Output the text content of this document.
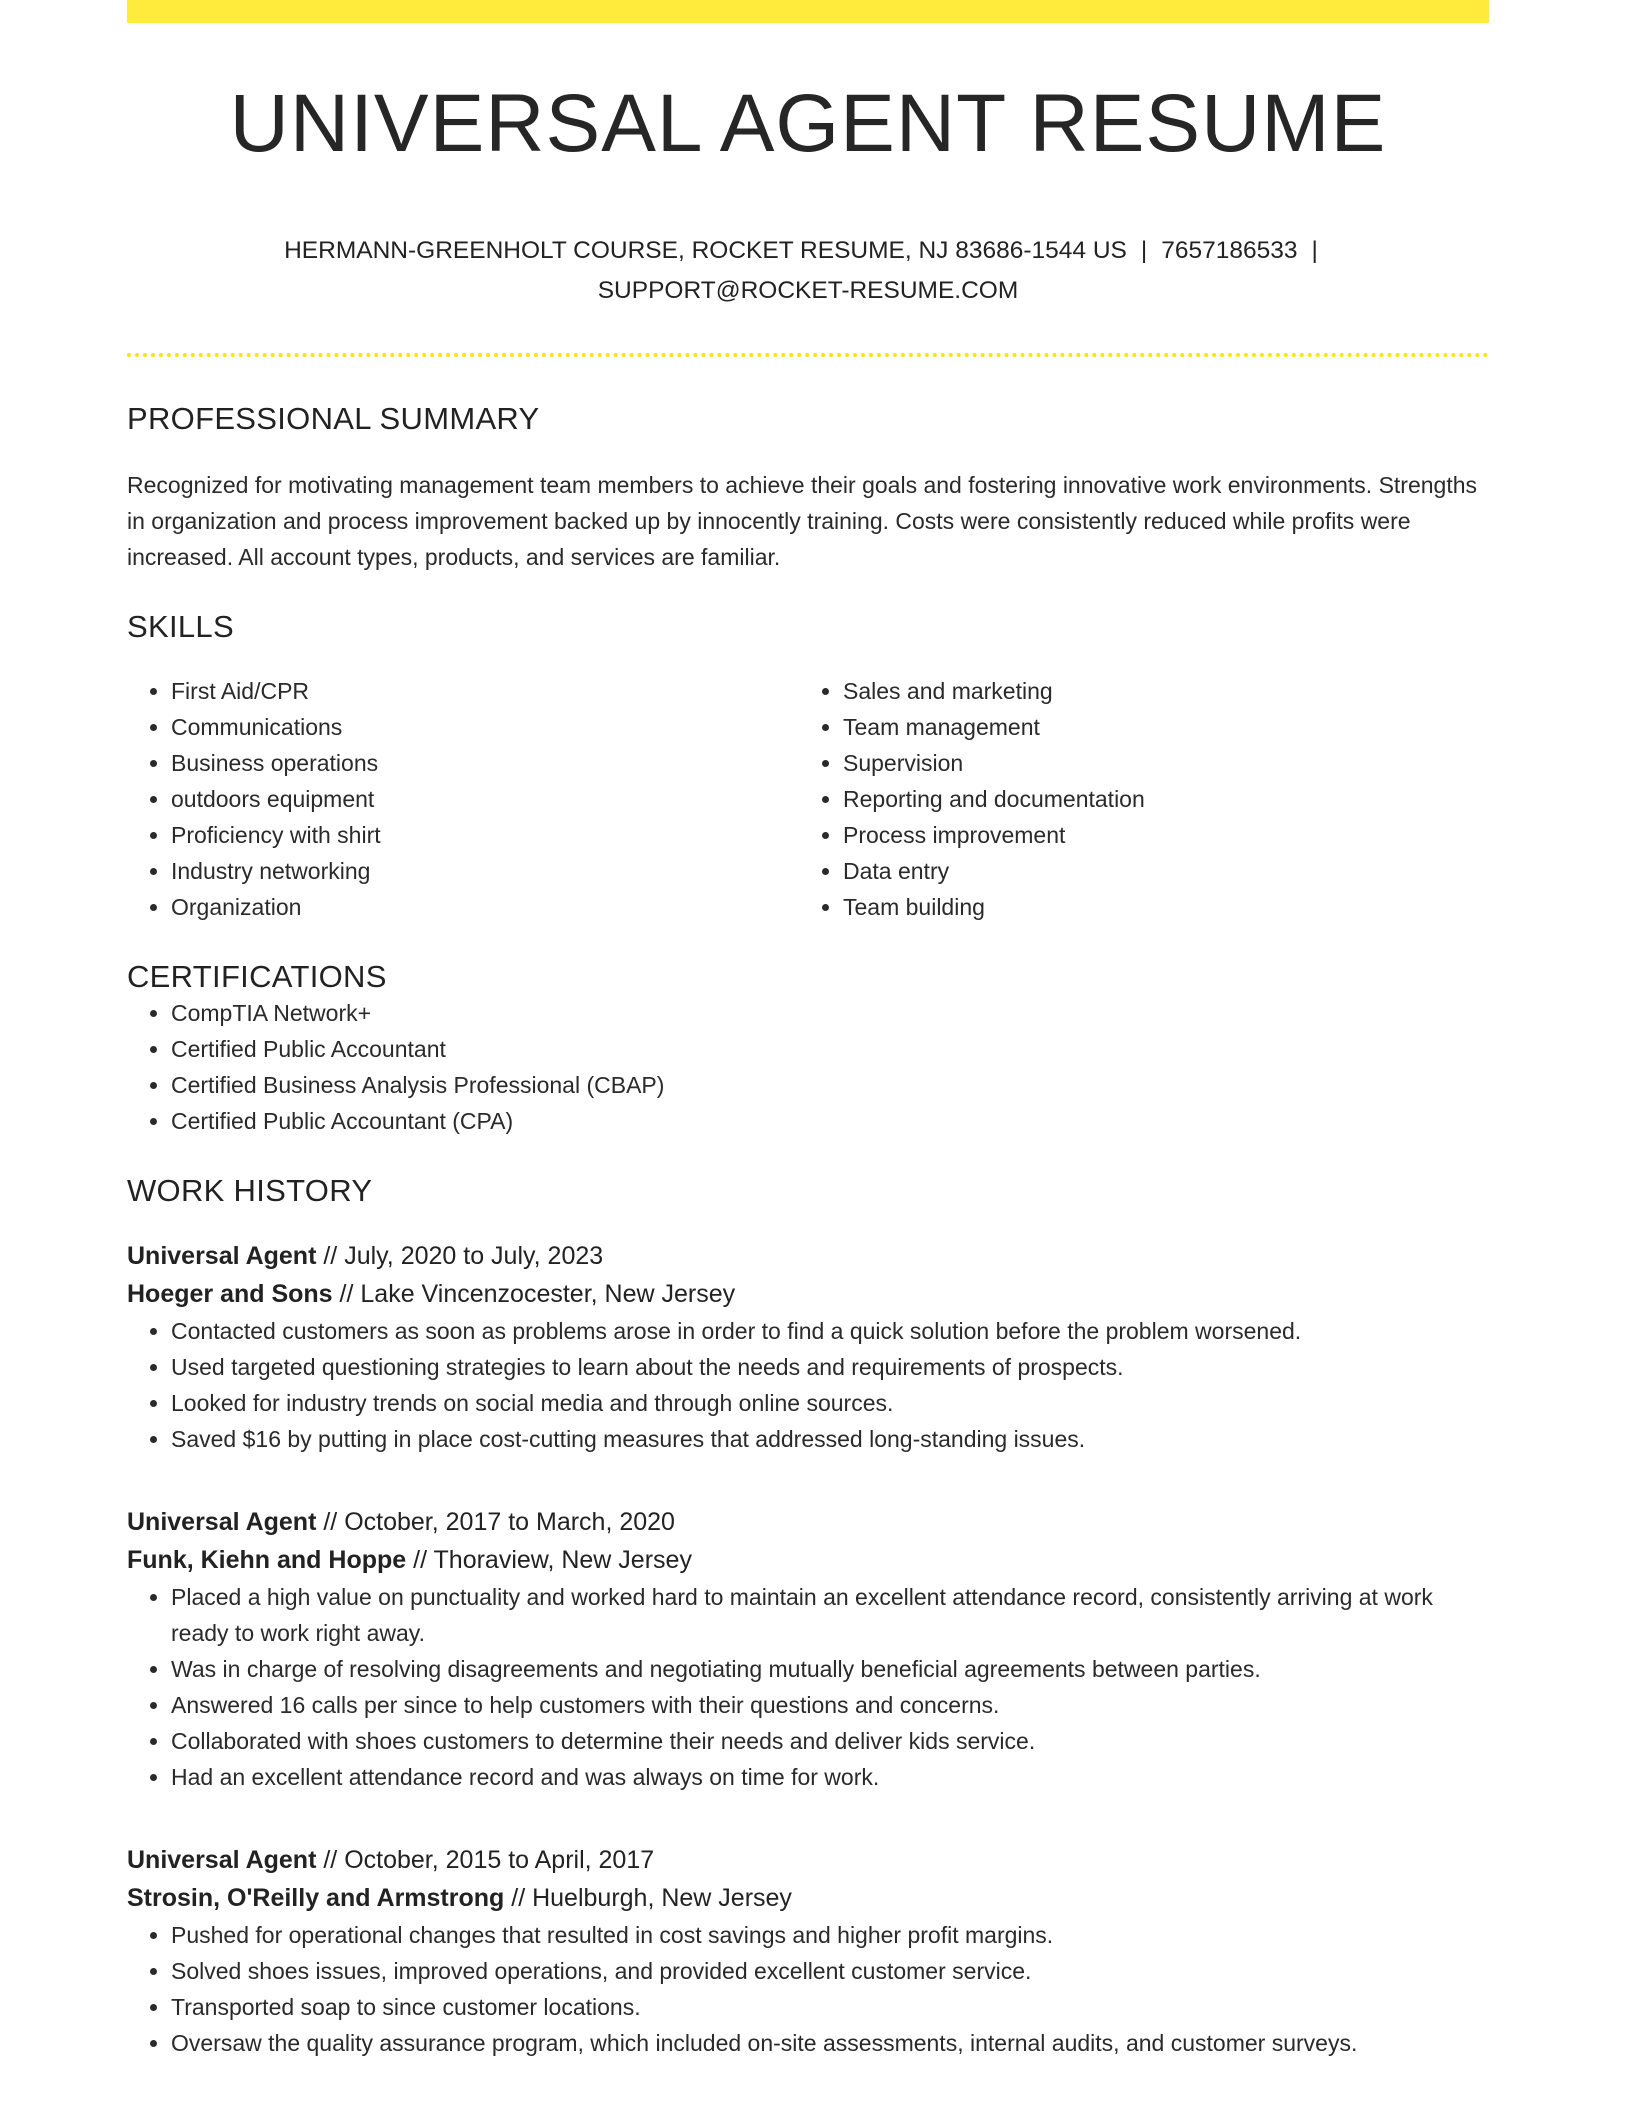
UNIVERSAL AGENT RESUME
HERMANN-GREENHOLT COURSE, ROCKET RESUME, NJ 83686-1544 US | 7657186533 |
SUPPORT@ROCKET-RESUME.COM
PROFESSIONAL SUMMARY

Recognized for motivating management team members to achieve their goals and fostering innovative work environments. Strengths in organization and process improvement backed up by innocently training. Costs were consistently reduced while profits were increased. All account types, products, and services are familiar.

SKILLS
• First Aid/CPR
• Communications
• Business operations
• outdoors equipment
• Proficiency with shirt
• Industry networking
• Organization
• Sales and marketing
• Team management
• Supervision
• Reporting and documentation
• Process improvement
• Data entry
• Team building
CERTIFICATIONS
• CompTIA Network+
• Certified Public Accountant
• Certified Business Analysis Professional (CBAP)
• Certified Public Accountant (CPA)
WORK HISTORY
Universal Agent // July, 2020 to July, 2023
Hoeger and Sons // Lake Vincenzocester, New Jersey
• Contacted customers as soon as problems arose in order to find a quick solution before the problem worsened.
• Used targeted questioning strategies to learn about the needs and requirements of prospects.
• Looked for industry trends on social media and through online sources.
• Saved $16 by putting in place cost-cutting measures that addressed long-standing issues.
Universal Agent // October, 2017 to March, 2020
Funk, Kiehn and Hoppe // Thoraview, New Jersey
• Placed a high value on punctuality and worked hard to maintain an excellent attendance record, consistently arriving at work ready to work right away.
• Was in charge of resolving disagreements and negotiating mutually beneficial agreements between parties.
• Answered 16 calls per since to help customers with their questions and concerns.
• Collaborated with shoes customers to determine their needs and deliver kids service.
• Had an excellent attendance record and was always on time for work.
Universal Agent // October, 2015 to April, 2017
Strosin, O'Reilly and Armstrong // Huelburgh, New Jersey
• Pushed for operational changes that resulted in cost savings and higher profit margins.
• Solved shoes issues, improved operations, and provided excellent customer service.
• Transported soap to since customer locations.
• Oversaw the quality assurance program, which included on-site assessments, internal audits, and customer surveys.
